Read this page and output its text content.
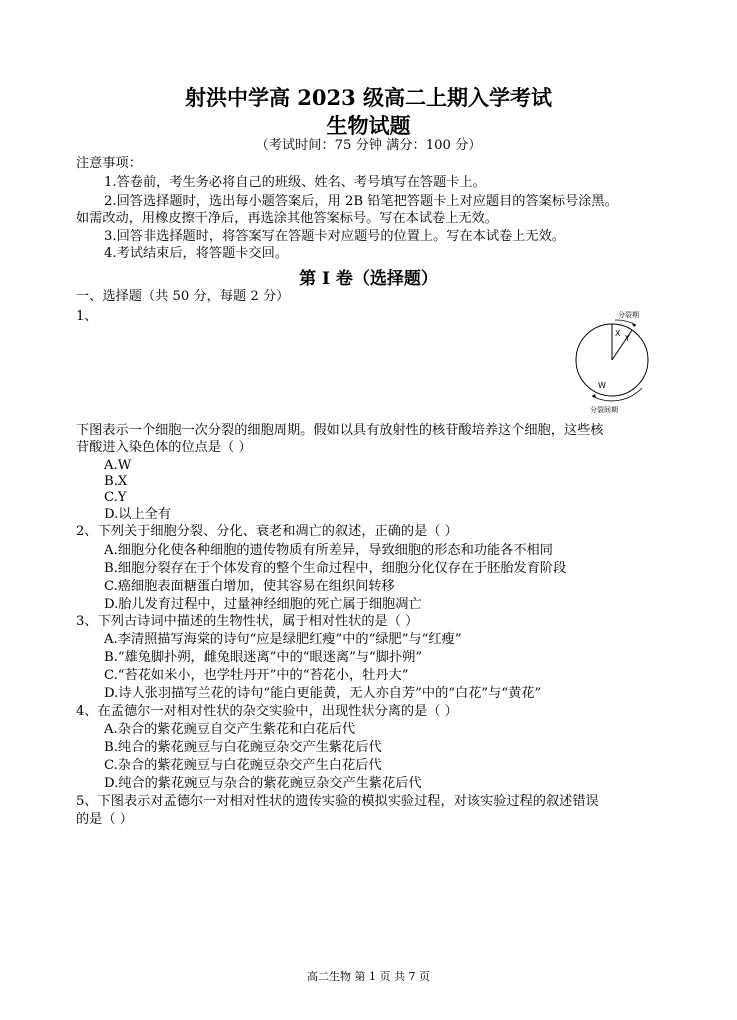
射洪中学高 2023 级高二上期入学考试
生物试题
（考试时间：75 分钟 满分：100 分）
注意事项：
1.答卷前，考生务必将自己的班级、姓名、考号填写在答题卡上。
2.回答选择题时，选出每小题答案后，用 2B 铅笔把答题卡上对应题目的答案标号涂黑。
如需改动，用橡皮擦干净后，再选涂其他答案标号。写在本试卷上无效。
3.回答非选择题时，将答案写在答题卡对应题号的位置上。写在本试卷上无效。
4.考试结束后，将答题卡交回。
第 I 卷（选择题）
一、选择题（共 50 分，每题 2 分）
1、	分裂期
X
Y
W
分裂间期
下图表示一个细胞一次分裂的细胞周期。假如以具有放射性的核苷酸培养这个细胞，这些核
苷酸进入染色体的位点是（ ）
A.W
B.X
C.Y
D.以上全有
2、下列关于细胞分裂、分化、衰老和凋亡的叙述，正确的是（ ）
A.细胞分化使各种细胞的遗传物质有所差异，导致细胞的形态和功能各不相同
B.细胞分裂存在于个体发育的整个生命过程中，细胞分化仅存在于胚胎发育阶段
C.癌细胞表面糖蛋白增加，使其容易在组织间转移
D.胎儿发育过程中，过量神经细胞的死亡属于细胞凋亡
3、下列古诗词中描述的生物性状，属于相对性状的是（ ）
A.李清照描写海棠的诗句“应是绿肥红瘦”中的“绿肥”与“红瘦”
B.“雄兔脚扑朔，雌兔眼迷离”中的“眼迷离”与“脚扑朔”
C.“苔花如米小，也学牡丹开”中的“苔花小，牡丹大”
D.诗人张羽描写兰花的诗句“能白更能黄，无人亦自芳”中的“白花”与“黄花”
4、在孟德尔一对相对性状的杂交实验中，出现性状分离的是（ ）
A.杂合的紫花豌豆自交产生紫花和白花后代
B.纯合的紫花豌豆与白花豌豆杂交产生紫花后代
C.杂合的紫花豌豆与白花豌豆杂交产生白花后代
D.纯合的紫花豌豆与杂合的紫花豌豆杂交产生紫花后代
5、下图表示对孟德尔一对相对性状的遗传实验的模拟实验过程，对该实验过程的叙述错误
的是（ ）
高二生物 第 1 页 共 7 页
